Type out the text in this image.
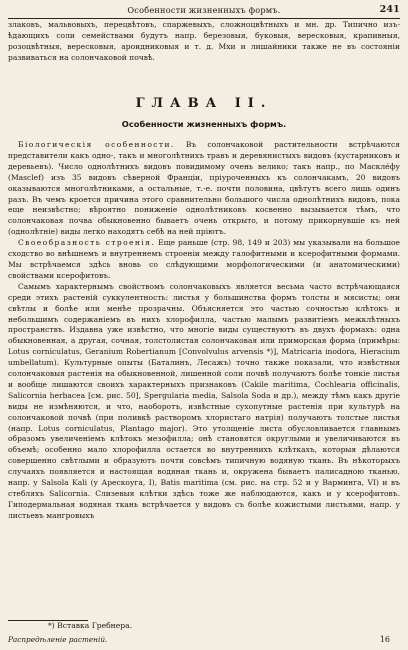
Особенности жизненныхъ формъ.	241

злаковъ, мальвовыхъ, перецвѣтовъ, спаржевыхъ, сложноцвѣтныхъ и мн. др. Типично изъ-ѣдающихъ соли семействами будутъ напр. березовыя, буковыя, вересковыя, крапивныя, розоцвѣтныя, вересковыя, ароидниковыя и т. д. Мхи и лишайники также не въ состояніи развиваться на солончаковой почвѣ.

ГЛАВА II.
Особенности жизненныхъ формъ.

Біологическія особенности. Въ солончаковой растительности встрѣчаются представители какъ одно-, такъ и многолѣтнихъ травъ и деревянистыхъ видовъ (кустарниковъ и деревьевъ). Число однолѣтнихъ видовъ повидимому очень велико; такъ напр., по Маскле́фу (Masclef) изъ 35 видовъ сѣверной Франціи, пріуроченныхъ къ солончакамъ, 20 видовъ оказываются многолѣтниками, а остальные, т.-е. почти половина, цвѣтутъ всего лишь одинъ разъ. Въ чемъ кроется причина этого сравнительно большого числа однолѣтнихъ видовъ, пока еще неизвѣстно; вѣроятно пониженіе однолѣтниковъ косвенно вызывается тѣмъ, что солончаковая почва обыкновенно бываетъ очень открыто, и потому прикорнувшіе къ ней (однолѣтніе) виды легко находятъ себѣ на ней пріютъ.

Своеобразность строенія. Еще раньше (стр. 98, 149 и 203) мы указывали на большое сходство во внѣшнемъ и внутреннемъ строеніи между галофитными и ксерофитными формами. Мы встрѣчаемся здѣсь вновь со слѣдующими морфологическими (и анатомическими) свойствами ксерофитовъ.

Самымъ характернымъ свойствомъ солончаковыхъ является весьма часто встрѣчающаяся среди этихъ растеній суккулентность: листья у большинства формъ толсты и мясисты; они свѣтлы и болѣе или менѣе прозрачны. Объясняется это частью сочностью клѣтокъ и небольшимъ содержаніемъ въ нихъ хлорофилла, частью малымъ развитіемъ межклѣтныхъ пространствъ. Издавна уже извѣстно, что многіе виды существуютъ въ двухъ формахъ: одна обыкновенная, а другая, сочная, толстолистая солончаковая или приморская форма (примѣры: Lotus corniculatus, Geranium Robertianum [Convolvulus arvensis *)], Matricaria inodora, Hieracium umbellatum). Культурные опыты (Баталинъ, Лесажъ) точно также показали, что извѣстныя солончаковыя растенія на обыкновенной, лишенной соли почвѣ получаютъ болѣе тонкіе листья и вообще лишаются своихъ характерныхъ признаковъ (Cakile maritima, Cochlearia officinalis, Salicornia herbacea [см. рис. 50], Spergularia media, Salsola Soda и др.), между тѣмъ какъ другіе виды не измѣняются, и что, наоборотъ, извѣстные сухопутные растенія при культурѣ на солончаковой почвѣ (при поливкѣ растворомъ хлористаго натрія) получаютъ толстые листья (напр. Lotus corniculatus, Plantago major). Это утолщеніе листа обусловливается главнымъ образомъ увеличеніемъ клѣтокъ мезофилла; онѣ становятся округлыми и увеличиваются въ объемѣ; особенно мало хлорофилла остается во внутреннихъ клѣткахъ, которыя дѣлаются совершенно свѣтлыми и образуютъ почти совсѣмъ типичную водяную ткань. Въ нѣкоторыхъ случаяхъ появляется и настоящая водяная ткань и, окружена бываетъ палисадною тканью, напр. у Salsola Kali (у Арескоуга, I), Batis maritima (см. рис. на стр. 52 и у Варминга, VI) и въ стебляхъ Salicornia. Слизевыя клѣтки здѣсь тоже же наблюдаются, какъ и у ксерофитовъ. Гиподермальная водяная ткань встрѣчается у видовъ съ болѣе кожистыми листьями, напр. у листьевъ мангровыхъ

*) Вставка Гребнера.
Распредѣленіе растеній.	16
